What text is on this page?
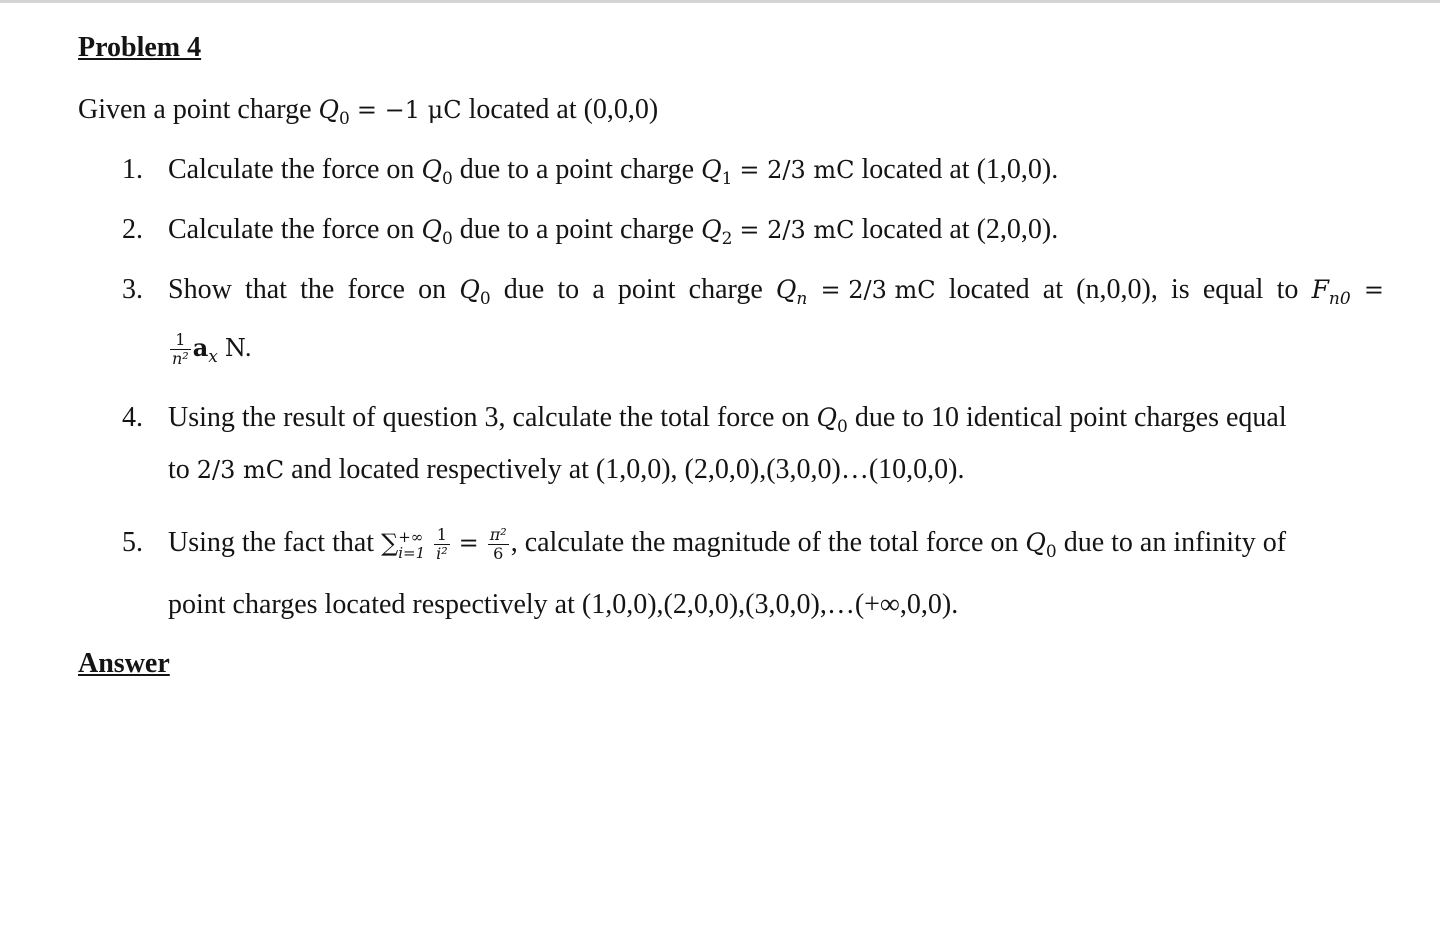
Problem 4
Given a point charge $Q_0 = -1$ μC located at (0,0,0)
1. Calculate the force on $Q_0$ due to a point charge $Q_1 = 2/3$ mC located at (1,0,0).
2. Calculate the force on $Q_0$ due to a point charge $Q_2 = 2/3$ mC located at (2,0,0).
3. Show that the force on $Q_0$ due to a point charge $Q_n = 2/3$ mC located at (n,0,0), is equal to $F_{n0}$ =
$\frac{1}{\text{n²}} a_x$ N.
4. Using the result of question 3, calculate the total force on $Q_0$ due to 10 identical point charges equal
to 2/3 mC and located respectively at (1,0,0), (2,0,0),(3,0,0)…(10,0,0).
5. Using the fact that ∑ +∞
i=1
$\frac{1}{\text{i²}} = \frac{\text{π²}}{6}$ , calculate the magnitude of the total force on $Q_0$ due to an infinity of
point charges located respectively at (1,0,0),(2,0,0),(3,0,0),…(+∞,0,0).
Answer
